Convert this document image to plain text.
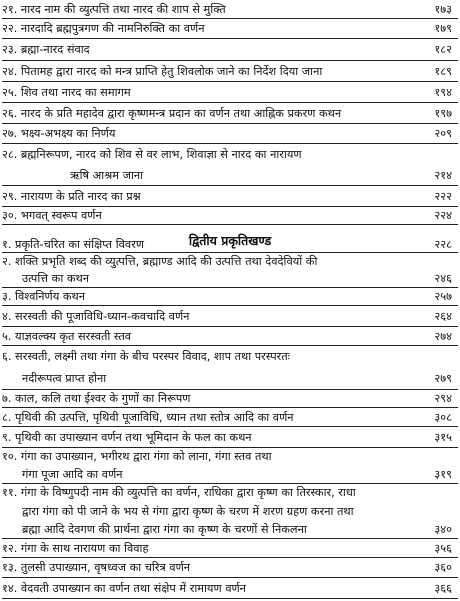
२१. नारद नाम की व्युत्पत्ति तथा नारद की शाप से मुक्ति	१७३
२२. नारदादि ब्रह्मपुत्रगण की नामनिरुक्ति का वर्णन	१७९
२३. ब्रह्मा-नारद संवाद	१८२
२४. पितामह द्वारा नारद को मन्त्र प्राप्ति हेतु शिवलोक जाने का निर्देश दिया जाना	१८९
२५. शिव तथा नारद का समागम	१९४
२६. नारद के प्रति महादेव द्वारा कृष्णमन्त्र प्रदान का वर्णन तथा आह्निक प्रकरण कथन	१९७
२७. भक्ष्य-अभक्ष्य का निर्णय	२०९
२८. ब्रह्मनिरूपण, नारद को शिव से वर लाभ, शिवाज्ञा से नारद का नारायण
ऋषि आश्रम जाना	२१४
२९. नारायण के प्रति नारद का प्रश्न	२२२
३०. भगवत् स्वरूप वर्णन	२२४
द्वितीय प्रकृतिखण्ड
१. प्रकृति-चरित का संक्षिप्त विवरण	२२८
२. शक्ति प्रभृति शब्द की व्युत्पत्ति, ब्रह्माण्ड आदि की उत्पत्ति तथा देवदेवियों की
उत्पत्ति का कथन	२४६
३. विश्वनिर्णय कथन	२५७
४. सरस्वती की पूजाविधि-ध्यान-कवचादि वर्णन	२६४
५. याज्ञवल्क्य कृत सरस्वती स्तव	२७४
६. सरस्वती, लक्ष्मी तथा गंगा के बीच परस्पर विवाद, शाप तथा परस्परतः
नदीरूपत्व प्राप्त होना	२७९
७. काल, कलि तथा ईश्वर के गुणों का निरूपण	२९४
८. पृथिवी की उत्पत्ति, पृथिवी पूजाविधि, ध्यान तथा स्तोत्र आदि का वर्णन	३०८
९. पृथिवी का उपाख्यान वर्णन तथा भूमिदान के फल का कथन	३१५
१०. गंगा का उपाख्यान, भगीरथ द्वारा गंगा को लाना, गंगा स्तव तथा
गंगा पूजा आदि का वर्णन	३१९
११. गंगा के विष्णुपदी नाम की व्युत्पत्ति का वर्णन, राधिका द्वारा कृष्ण का तिरस्कार, राधा
द्वारा गंगा को पी जाने के भय से गंगा द्वारा कृष्ण के चरण में शरण ग्रहण करना तथा
ब्रह्मा आदि देवगण की प्रार्थना द्वारा गंगा का कृष्ण के चरणों से निकलना	३४०
१२. गंगा के साथ नारायण का विवाह	३५६
१३. तुलसी उपाख्यान, वृषध्वज का चरित्र वर्णन	३६०
१४. वेदवती उपाख्यान का वर्णन तथा संक्षेप में रामायण वर्णन	३६६
